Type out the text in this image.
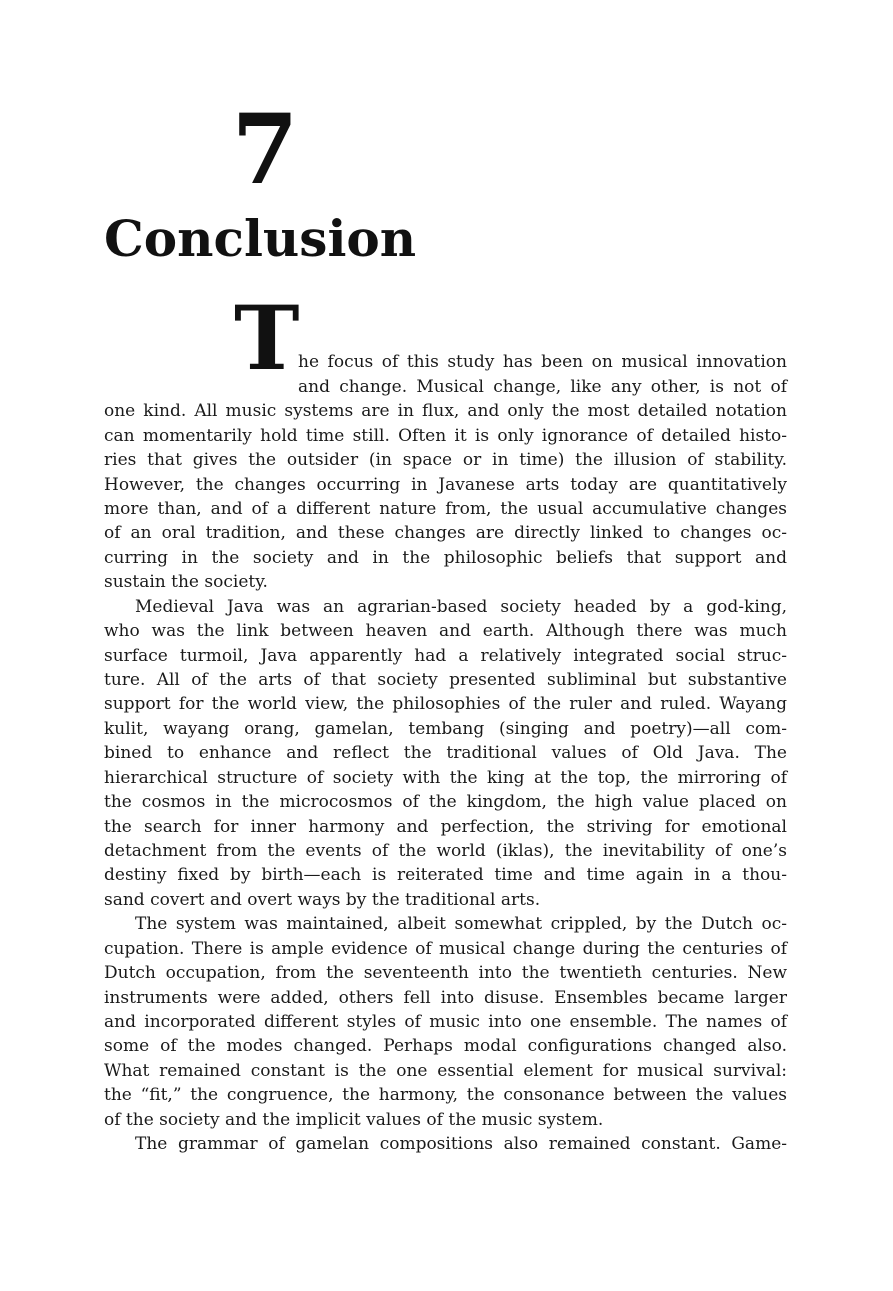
7
Conclusion
T

he focus of this study has been on musical innovation

and change. Musical change, like any other, is not of

one kind. All music systems are in flux, and only the most detailed notation

can momentarily hold time still. Often it is only ignorance of detailed histo-

ries that gives the outsider (in space or in time) the illusion of stability.

However, the changes occurring in Javanese arts today are quantitatively

more than, and of a different nature from, the usual accumulative changes

of an oral tradition, and these changes are directly linked to changes oc-

curring in the society and in the philosophic beliefs that support and

sustain the society.

Medieval Java was an agrarian-based society headed by a god-king,

who was the link between heaven and earth. Although there was much

surface turmoil, Java apparently had a relatively integrated social struc-

ture. All of the arts of that society presented subliminal but substantive

support for the world view, the philosophies of the ruler and ruled. Wayang

kulit, wayang orang, gamelan, tembang (singing and poetry)—all com-

bined to enhance and reflect the traditional values of Old Java. The

hierarchical structure of society with the king at the top, the mirroring of

the cosmos in the microcosmos of the kingdom, the high value placed on

the search for inner harmony and perfection, the striving for emotional

detachment from the events of the world (iklas), the inevitability of one’s

destiny fixed by birth—each is reiterated time and time again in a thou-

sand covert and overt ways by the traditional arts.

The system was maintained, albeit somewhat crippled, by the Dutch oc-

cupation. There is ample evidence of musical change during the centuries of

Dutch occupation, from the seventeenth into the twentieth centuries. New

instruments were added, others fell into disuse. Ensembles became larger

and incorporated different styles of music into one ensemble. The names of

some of the modes changed. Perhaps modal configurations changed also.

What remained constant is the one essential element for musical survival:

the “fit,” the congruence, the harmony, the consonance between the values

of the society and the implicit values of the music system.

The grammar of gamelan compositions also remained constant. Game-
